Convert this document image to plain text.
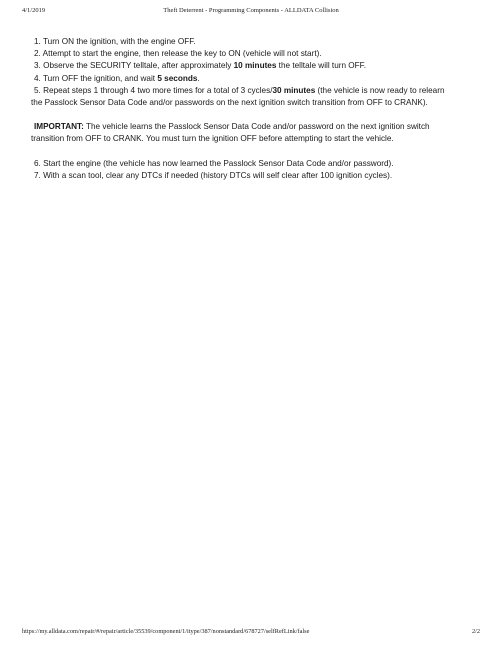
4/1/2019	Theft Deterrent - Programming Components - ALLDATA Collision
1. Turn ON the ignition, with the engine OFF.
2. Attempt to start the engine, then release the key to ON (vehicle will not start).
3. Observe the SECURITY telltale, after approximately 10 minutes the telltale will turn OFF.
4. Turn OFF the ignition, and wait 5 seconds.
5. Repeat steps 1 through 4 two more times for a total of 3 cycles/30 minutes (the vehicle is now ready to relearn
the Passlock Sensor Data Code and/or passwords on the next ignition switch transition from OFF to CRANK).
IMPORTANT: The vehicle learns the Passlock Sensor Data Code and/or password on the next ignition switch
transition from OFF to CRANK. You must turn the ignition OFF before attempting to start the vehicle.
6. Start the engine (the vehicle has now learned the Passlock Sensor Data Code and/or password).
7. With a scan tool, clear any DTCs if needed (history DTCs will self clear after 100 ignition cycles).
https://my.alldata.com/repair/#/repair/article/35539/component/1/itype/387/nonstandard/678727/selfRefLink/false	2/2
